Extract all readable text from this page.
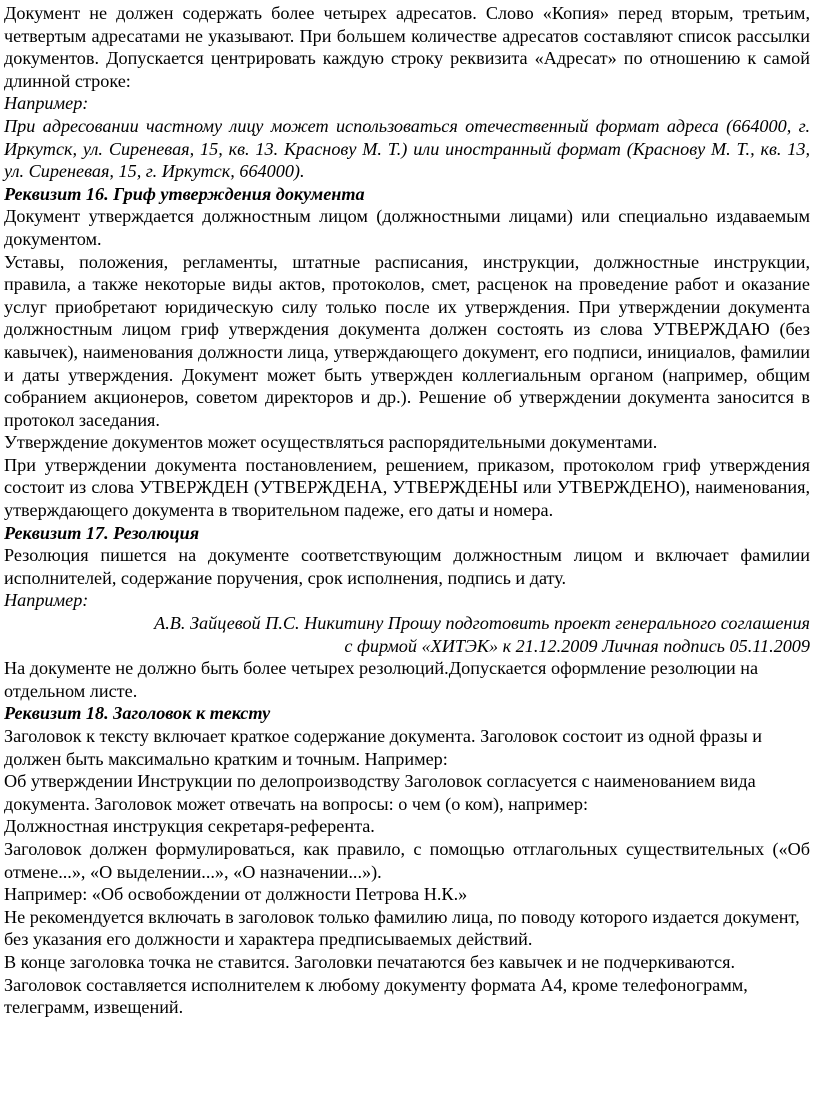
Документ не должен содержать более четырех адресатов. Слово «Копия» перед вторым, третьим, четвертым адресатами не указывают. При большем количестве адресатов составляют список рассылки документов. Допускается центрировать каждую строку реквизита «Адресат» по отношению к самой длинной строке:

Например:

При адресовании частному лицу может использоваться отечественный формат адреса (664000, г. Иркутск, ул. Сиреневая, 15, кв. 13. Краснову М. Т.) или иностранный формат (Краснову М. Т., кв. 13, ул. Сиреневая, 15, г. Иркутск, 664000).

Реквизит 16. Гриф утверждения документа

Документ утверждается должностным лицом (должностными лицами) или специально издаваемым документом.

Уставы, положения, регламенты, штатные расписания, инструкции, должностные инструкции, правила, а также некоторые виды актов, протоколов, смет, расценок на проведение работ и оказание услуг приобретают юридическую силу только после их утверждения. При утверждении документа должностным лицом гриф утверждения документа должен состоять из слова УТВЕРЖДАЮ (без кавычек), наименования должности лица, утверждающего документ, его подписи, инициалов, фамилии и даты утверждения. Документ может быть утвержден коллегиальным органом (например, общим собранием акционеров, советом директоров и др.). Решение об утверждении документа заносится в протокол заседания.

Утверждение документов может осуществляться распорядительными документами.

При утверждении документа постановлением, решением, приказом, протоколом гриф утверждения состоит из слова УТВЕРЖДЕН (УТВЕРЖДЕНА, УТВЕРЖДЕНЫ или УТВЕРЖДЕНО), наименования, утверждающего документа в творительном падеже, его даты и номера.

Реквизит 17. Резолюция

Резолюция пишется на документе соответствующим должностным лицом и включает фамилии исполнителей, содержание поручения, срок исполнения, подпись и дату.

Например:

А.В. Зайцевой П.С. Никитину Прошу подготовить проект генерального соглашения

с фирмой «ХИТЭК» к 21.12.2009 Личная подпись 05.11.2009

На документе не должно быть более четырех резолюций.Допускается оформление резолюции на отдельном листе.

Реквизит 18. Заголовок к тексту

Заголовок к тексту включает краткое содержание документа. Заголовок состоит из одной фразы и должен быть максимально кратким и точным. Например:

Об утверждении Инструкции по делопроизводству Заголовок согласуется с наименованием вида документа. Заголовок может отвечать на вопросы: о чем (о ком), например:

Должностная инструкция секретаря-референта.

Заголовок должен формулироваться, как правило, с помощью отглагольных существительных («Об отмене...», «О выделении...», «О назначении...»).

Например: «Об освобождении от должности Петрова Н.К.»

Не рекомендуется включать в заголовок только фамилию лица, по поводу которого издается документ, без указания его должности и характера предписываемых действий.

В конце заголовка точка не ставится. Заголовки печатаются без кавычек и не подчеркиваются.

Заголовок составляется исполнителем к любому документу формата А4, кроме телефонограмм, телеграмм, извещений.
